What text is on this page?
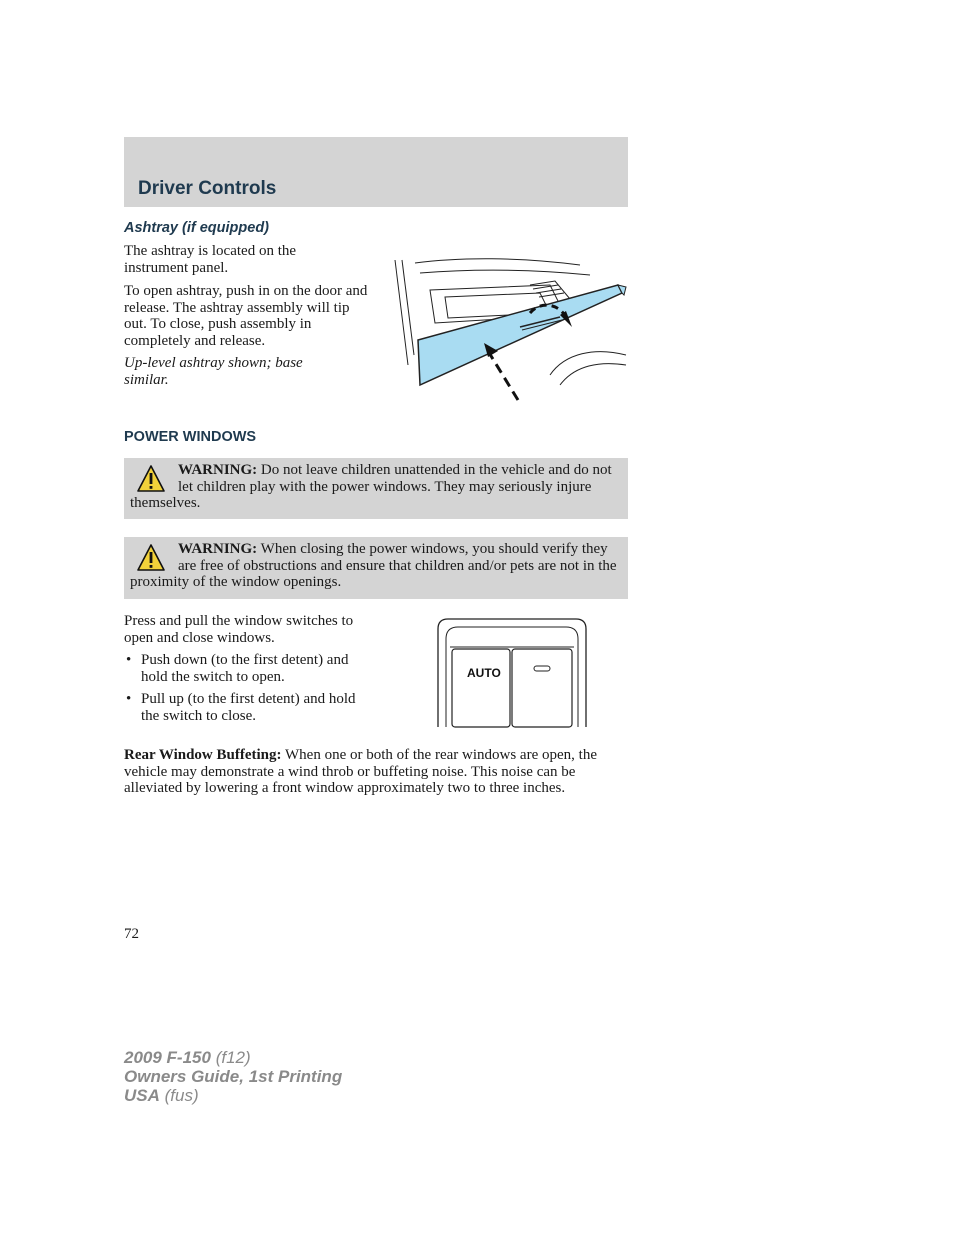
Driver Controls
Ashtray (if equipped)

The ashtray is located on the instrument panel.

To open ashtray, push in on the door and release. The ashtray assembly will tip out. To close, push assembly in completely and release.

Up-level ashtray shown; base similar.

POWER WINDOWS
WARNING: Do not leave children unattended in the vehicle and do not let children play with the power windows. They may seriously injure themselves.
WARNING: When closing the power windows, you should verify they are free of obstructions and ensure that children and/or pets are not in the proximity of the window openings.

Press and pull the window switches to open and close windows.

• Push down (to the first detent) and hold the switch to open.
• Pull up (to the first detent) and hold the switch to close.
AUTO

Rear Window Buffeting: When one or both of the rear windows are open, the vehicle may demonstrate a wind throb or buffeting noise. This noise can be alleviated by lowering a front window approximately two to three inches.

72
2009 F-150 (f12)
Owners Guide, 1st Printing
USA (fus)
